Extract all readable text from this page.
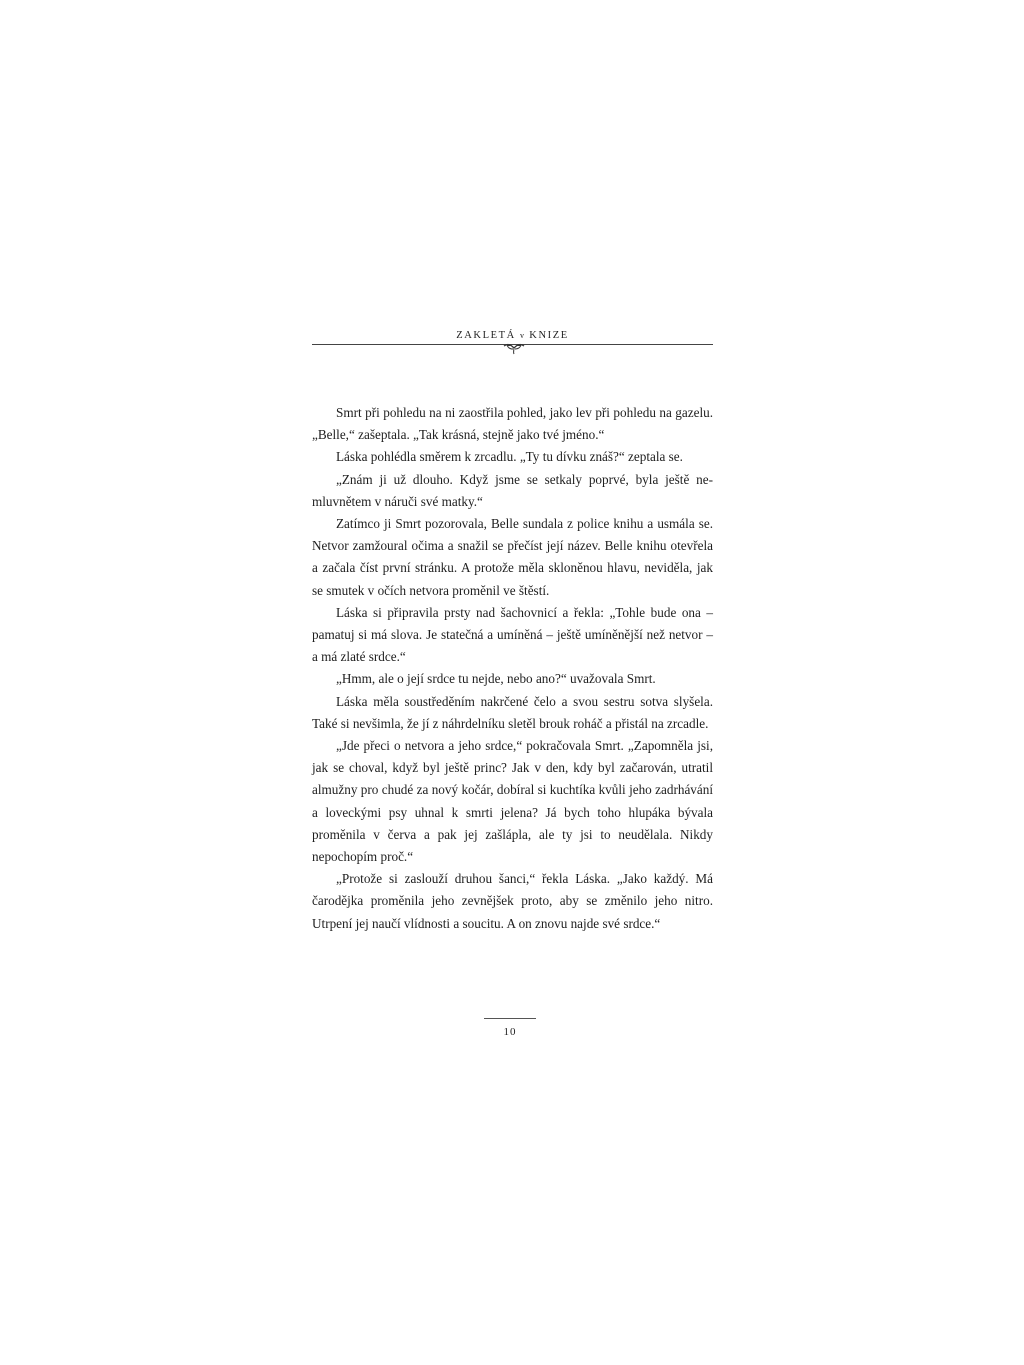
ZAKLETÁ v KNIZE

Smrt při pohledu na ni zaostřila pohled, jako lev při pohledu na gazelu. „Belle,“ zašeptala. „Tak krásná, stejně jako tvé jméno.“

Láska pohlédla směrem k zrcadlu. „Ty tu dívku znáš?“ zeptala se.

„Znám ji už dlouho. Když jsme se setkaly poprvé, byla ještě nemluvnětem v náruči své matky.“

Zatímco ji Smrt pozorovala, Belle sundala z police knihu a usmála se. Netvor zamžoural očima a snažil se přečíst její název. Belle knihu otevřela a začala číst první stránku. A protože měla skloněnou hlavu, neviděla, jak se smutek v očích netvora proměnil ve štěstí.

Láska si připravila prsty nad šachovnicí a řekla: „Tohle bude ona – pamatuj si má slova. Je statečná a umíněná – ještě umíněnější než netvor – a má zlaté srdce.“

„Hmm, ale o její srdce tu nejde, nebo ano?“ uvažovala Smrt.

Láska měla soustředěním nakrčené čelo a svou sestru sotva slyšela. Také si nevšimla, že jí z náhrdelníku sletěl brouk roháč a přistál na zrcadle.

„Jde přeci o netvora a jeho srdce,“ pokračovala Smrt. „Zapomněla jsi, jak se choval, když byl ještě princ? Jak v den, kdy byl začarován, utratil almužny pro chudé za nový kočár, dobíral si kuchtíka kvůli jeho zadrhávání a loveckými psy uhnal k smrti jelena? Já bych toho hlupáka bývala proměnila v červa a pak jej zašlápla, ale ty jsi to neudělala. Nikdy nepochopím proč.“

„Protože si zaslouží druhou šanci,“ řekla Láska. „Jako každý. Má čarodějka proměnila jeho zevnějšek proto, aby se změnilo jeho nitro. Utrpení jej naučí vlídnosti a soucitu. A on znovu najde své srdce.“

10
